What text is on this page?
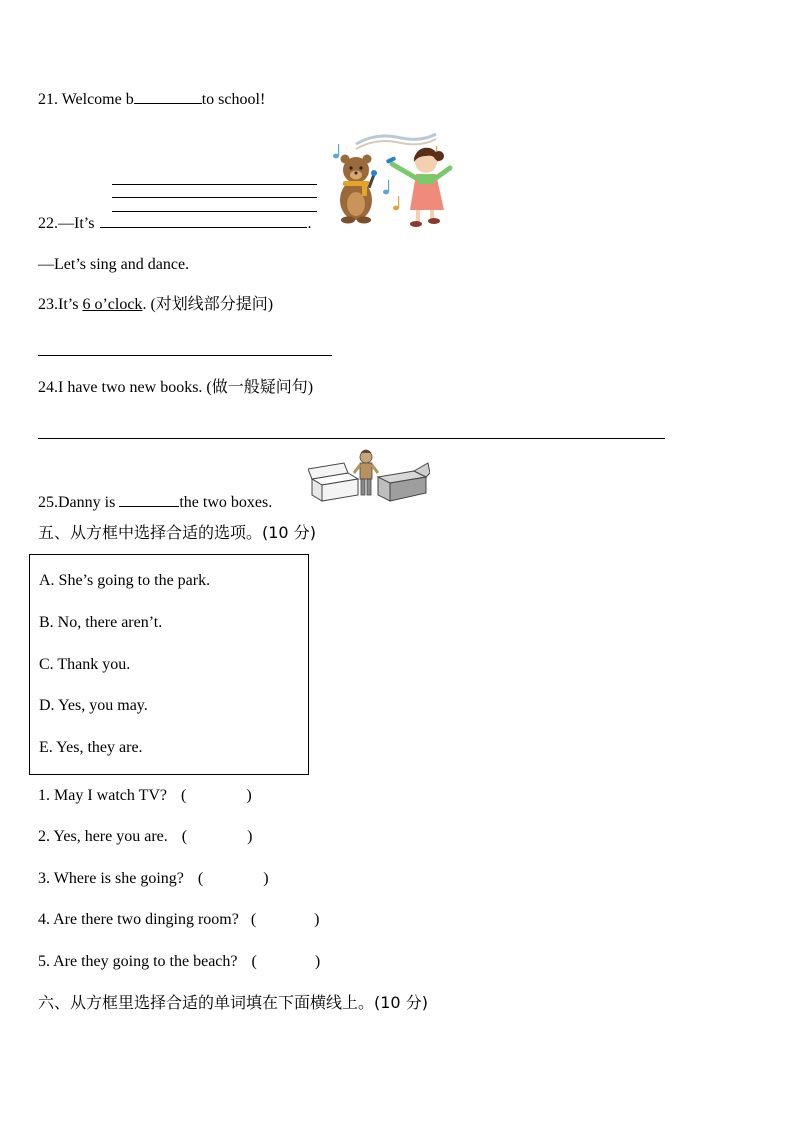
21. Welcome b	to school!
22.—It’s	.
—Let’s sing and dance.
23.It’s 6 o’clock. (对划线部分提问)
24.I have two new books. (做一般疑问句)
25.Danny is	the two boxes.
五、从方框中选择合适的选项。(10 分)
A. She’s going to the park.
B. No, there aren’t.
C. Thank you.
D. Yes, you may.
E. Yes, they are.
1. May I watch TV? (	)
2. Yes, here you are. (	)
3. Where is she going? (	)
4. Are there two dinging room? (	)
5. Are they going to the beach? (	)
六、从方框里选择合适的单词填在下面横线上。(10 分)
